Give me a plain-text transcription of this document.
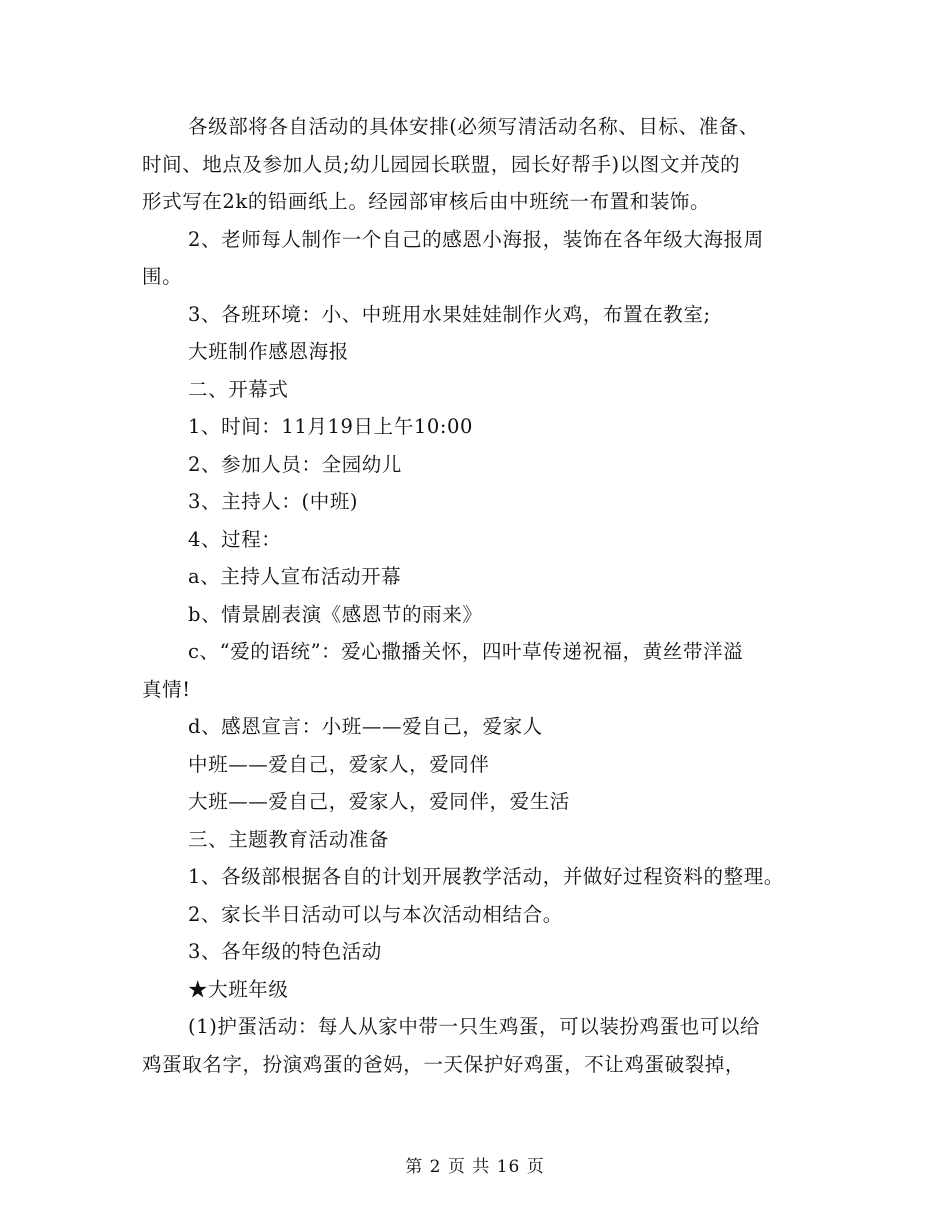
各级部将各自活动的具体安排(必须写清活动名称、目标、准备、

时间、地点及参加人员;幼儿园园长联盟，园长好帮手)以图文并茂的

形式写在2k的铅画纸上。经园部审核后由中班统一布置和装饰。

2、老师每人制作一个自己的感恩小海报，装饰在各年级大海报周

围。

3、各班环境：小、中班用水果娃娃制作火鸡，布置在教室;

大班制作感恩海报

二、开幕式

1、时间：11月19日上午10:00

2、参加人员：全园幼儿

3、主持人：(中班)

4、过程：

a、主持人宣布活动开幕

b、情景剧表演《感恩节的雨来》

c、“爱的语统”：爱心撒播关怀，四叶草传递祝福，黄丝带洋溢

真情!

d、感恩宣言：小班——爱自己，爱家人

中班——爱自己，爱家人，爱同伴

大班——爱自己，爱家人，爱同伴，爱生活

三、主题教育活动准备

1、各级部根据各自的计划开展教学活动，并做好过程资料的整理。

2、家长半日活动可以与本次活动相结合。

3、各年级的特色活动

★大班年级

(1)护蛋活动：每人从家中带一只生鸡蛋，可以装扮鸡蛋也可以给

鸡蛋取名字，扮演鸡蛋的爸妈，一天保护好鸡蛋，不让鸡蛋破裂掉，

第 2 页 共 16 页
